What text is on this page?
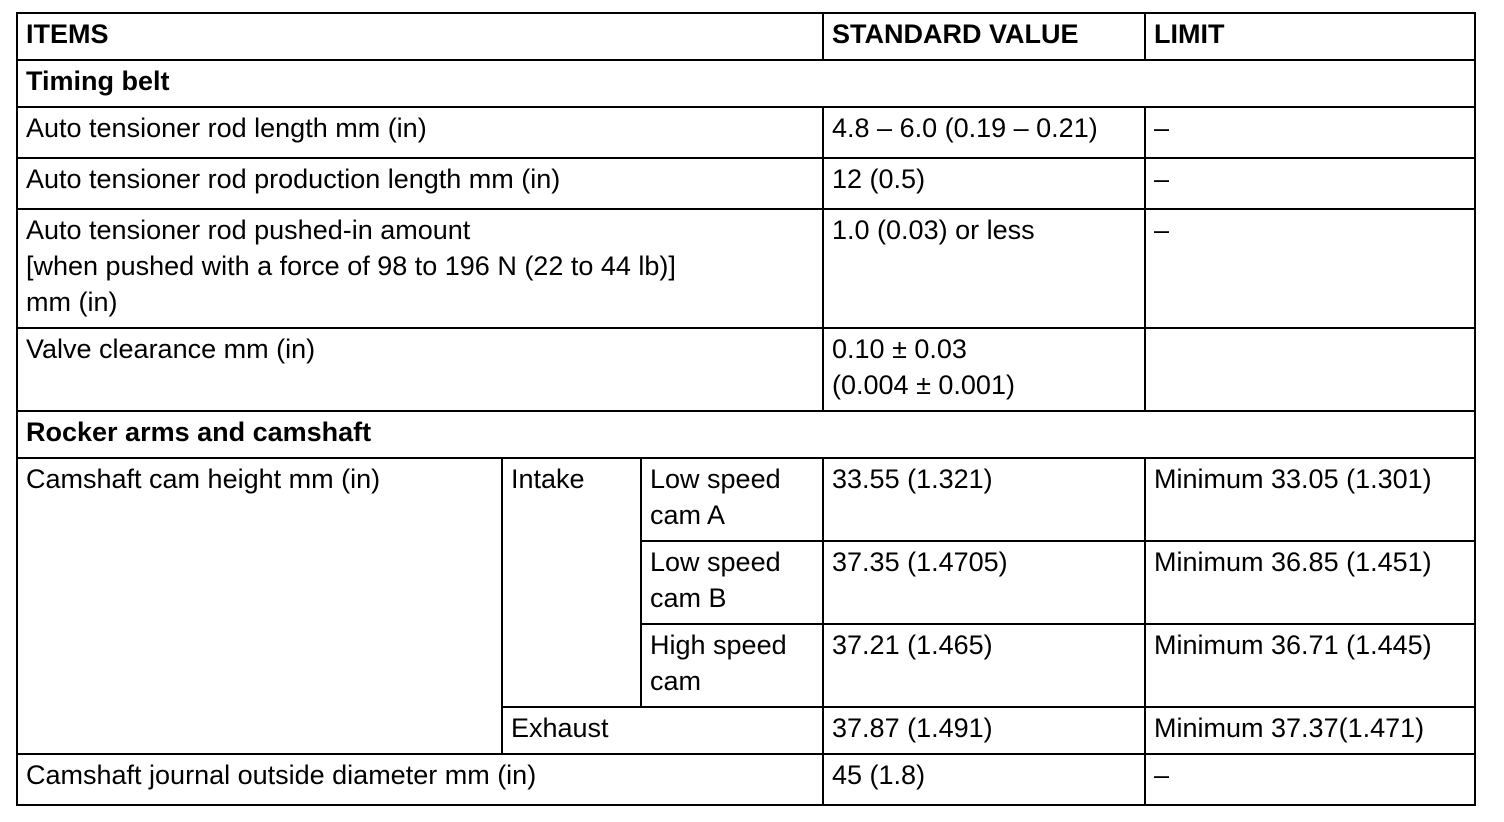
ITEMS			STANDARD VALUE	LIMIT
Timing belt				
Auto tensioner rod length mm (in)			4.8 – 6.0 (0.19 – 0.21)	–
Auto tensioner rod production length mm (in)			12 (0.5)	–

Auto tensioner rod pushed-in amount
[when pushed with a force of 98 to 196 N (22 to 44 lb)]
mm (in)			1.0 (0.03) or less	–
Valve clearance mm (in)			0.10 ± 0.03
(0.004 ± 0.001)	

Rocker arms and camshaft				
Camshaft cam height mm (in)	Intake	Low speed
cam A	33.55 (1.321)	Minimum 33.05 (1.301)

		Low speed
cam B	37.35 (1.4705)	Minimum 36.85 (1.451)

		High speed
cam	37.21 (1.465)	Minimum 36.71 (1.445)
	Exhaust		37.87 (1.491)	Minimum 37.37(1.471)
Camshaft journal outside diameter mm (in)			45 (1.8)	–
